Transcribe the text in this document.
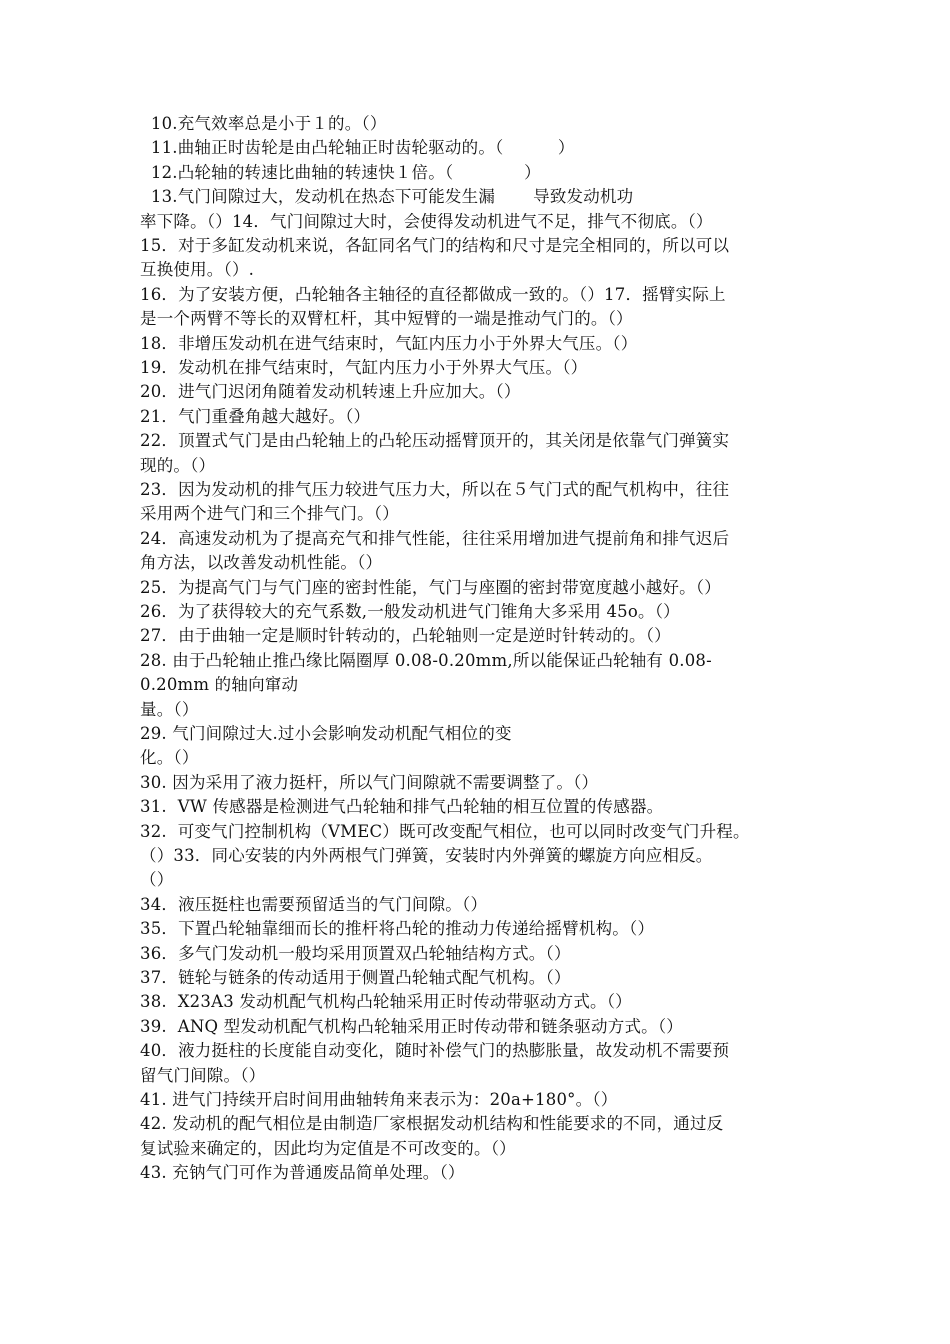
10.充气效率总是小于１的。（）

11.曲轴正时齿轮是由凸轮轴正时齿轮驱动的。（          ）

12.凸轮轴的转速比曲轴的转速快１倍。（             ）

13.气门间隙过大，发动机在热态下可能发生漏       导致发动机功

率下降。（）14．气门间隙过大时，会使得发动机进气不足，排气不彻底。（）

15．对于多缸发动机来说，各缸同名气门的结构和尺寸是完全相同的，所以可以

互换使用。（）.

16．为了安装方便，凸轮轴各主轴径的直径都做成一致的。（）17．摇臂实际上

是一个两臂不等长的双臂杠杆，其中短臂的一端是推动气门的。（）

18．非增压发动机在进气结束时，气缸内压力小于外界大气压。（）

19．发动机在排气结束时，气缸内压力小于外界大气压。（）

20．进气门迟闭角随着发动机转速上升应加大。（）

21．气门重叠角越大越好。（）

22．顶置式气门是由凸轮轴上的凸轮压动摇臂顶开的，其关闭是依靠气门弹簧实

现的。（）

23．因为发动机的排气压力较进气压力大，所以在５气门式的配气机构中，往往

采用两个进气门和三个排气门。（）

24．高速发动机为了提高充气和排气性能，往往采用增加进气提前角和排气迟后

角方法，以改善发动机性能。（）

25．为提高气门与气门座的密封性能，气门与座圈的密封带宽度越小越好。（）

26．为了获得较大的充气系数,一般发动机进气门锥角大多采用 45o。（）

27．由于曲轴一定是顺时针转动的，凸轮轴则一定是逆时针转动的。（）

28. 由于凸轮轴止推凸缘比隔圈厚 0.08-0.20mm,所以能保证凸轮轴有 0.08-

0.20mm 的轴向窜动

量。（）

29. 气门间隙过大.过小会影响发动机配气相位的变

化。（）

30. 因为采用了液力挺杆，所以气门间隙就不需要调整了。（）

31.  VW 传感器是检测进气凸轮轴和排气凸轮轴的相互位置的传感器。

32.  可变气门控制机构（VMEC）既可改变配气相位，也可以同时改变气门升程。

（）33．同心安装的内外两根气门弹簧，安装时内外弹簧的螺旋方向应相反。

（）

34．液压挺柱也需要预留适当的气门间隙。（）

35．下置凸轮轴靠细而长的推杆将凸轮的推动力传递给摇臂机构。（）

36．多气门发动机一般均采用顶置双凸轮轴结构方式。（）

37．链轮与链条的传动适用于侧置凸轮轴式配气机构。（）

38.  X23A3 发动机配气机构凸轮轴采用正时传动带驱动方式。（）

39.  ANQ 型发动机配气机构凸轮轴采用正时传动带和链条驱动方式。（）

40．液力挺柱的长度能自动变化，随时补偿气门的热膨胀量，故发动机不需要预

留气门间隙。（）

41. 进气门持续开启时间用曲轴转角来表示为：20a+180°。（）

42. 发动机的配气相位是由制造厂家根据发动机结构和性能要求的不同，通过反

复试验来确定的，因此均为定值是不可改变的。（）

43. 充钠气门可作为普通废品简单处理。（）
